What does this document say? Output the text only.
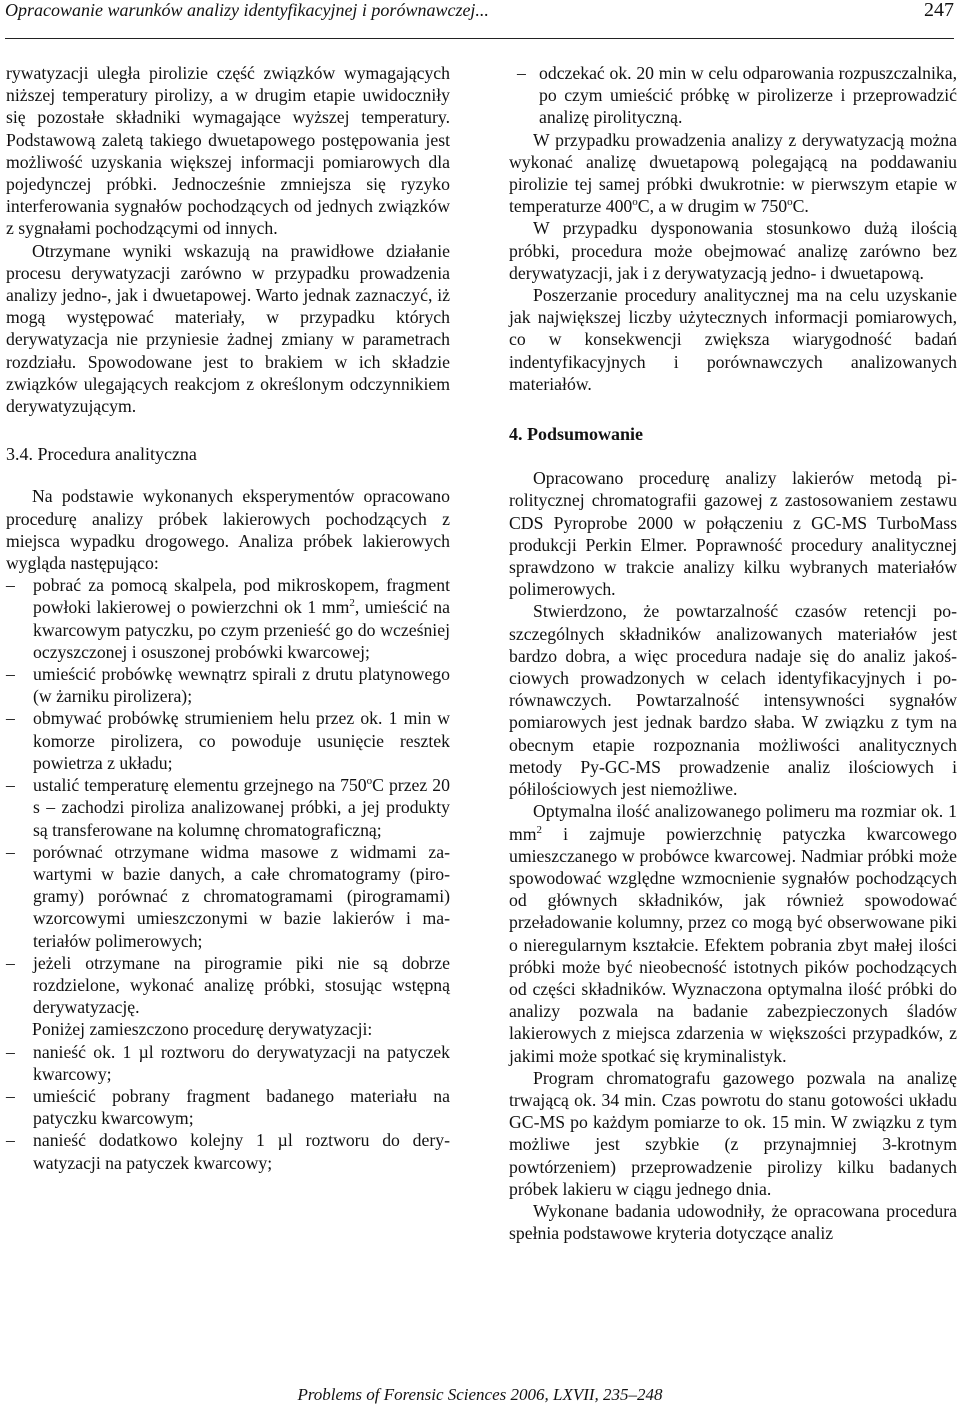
Opracowanie warunków analizy identyfikacyjnej i porównawczej...	247

rywatyzacji uległa pirolizie część związków wymagających niższej temperatury pirolizy, a w drugim etapie uwidoczniły się pozostałe składniki wymagające wyższej temperatury. Podstawową zaletą takiego dwuetapowego postępowania jest możliwość uzyskania większej informacji pomiarowych dla pojedynczej próbki. Jednocześnie zmniejsza się ryzyko interferowania sygnałów pochodzących od jednych związków z sygnałami pochodzącymi od innych.

Otrzymane wyniki wskazują na prawidłowe działanie procesu derywatyzacji zarówno w przypadku prowadzenia analizy jedno-, jak i dwuetapowej. Warto jednak zaznaczyć, iż mogą występować materiały, w przypadku których derywatyzacja nie przyniesie żadnej zmiany w parametrach rozdziału. Spowodowane jest to brakiem w ich składzie związków ulegających reakcjom z określonym odczynnikiem derywatyzującym.

3.4. Procedura analityczna

Na podstawie wykonanych eksperymentów opracowano procedurę analizy próbek lakierowych pochodzących z miejsca wypadku drogowego. Analiza próbek lakierowych wygląda następująco:

– pobrać za pomocą skalpela, pod mikroskopem, fragment powłoki lakierowej o powierzchni ok 1 $mm^2$, umieścić na kwarcowym patyczku, po czym przenieść go do wcześniej oczyszczonej i osuszonej probówki kwarcowej;
– umieścić probówkę wewnątrz spirali z drutu platynowego (w żarniku pirolizera);
– obmywać probówkę strumieniem helu przez ok. 1 min w komorze pirolizera, co powoduje usunięcie resztek powietrza z układu;
– ustalić temperaturę elementu grzejnego na 750$^o$C przez 20 s – zachodzi piroliza analizowanej próbki, a jej produkty są transferowane na kolumnę chromatograficzną;
– porównać otrzymane widma masowe z widmami zawartymi w bazie danych, a całe chromatogramy (pirogramy) porównać z chromatogramami (pirogramami) wzorcowymi umieszczonymi w bazie lakierów i materiałów polimerowych;
– jeżeli otrzymane na pirogramie piki nie są dobrze rozdzielone, wykonać analizę próbki, stosując wstępną derywatyzację.

Poniżej zamieszczono procedurę derywatyzacji:

– nanieść ok. 1 µl roztworu do derywatyzacji na patyczek kwarcowy;
– umieścić pobrany fragment badanego materiału na patyczku kwarcowym;
– nanieść dodatkowo kolejny 1 µl roztworu do derywatyzacji na patyczek kwarcowy;
– odczekać ok. 20 min w celu odparowania rozpuszczalnika, po czym umieścić próbkę w pirolizerze i przeprowadzić analizę pirolityczną.

W przypadku prowadzenia analizy z derywatyzacją można wykonać analizę dwuetapową polegającą na poddawaniu pirolizie tej samej próbki dwukrotnie: w pierwszym etapie w temperaturze 400$^o$C, a w drugim w 750$^o$C.

W przypadku dysponowania stosunkowo dużą ilością próbki, procedura może obejmować analizę zarówno bez derywatyzacji, jak i z derywatyzacją jedno- i dwuetapową.

Poszerzanie procedury analitycznej ma na celu uzyskanie jak największej liczby użytecznych informacji pomiarowych, co w konsekwencji zwiększa wiarygodność badań indentyfikacyjnych i porównawczych analizowanych materiałów.

4. Podsumowanie

Opracowano procedurę analizy lakierów metodą pirolitycznej chromatografii gazowej z zastosowaniem zestawu CDS Pyroprobe 2000 w połączeniu z GC-MS TurboMass produkcji Perkin Elmer. Poprawność procedury analitycznej sprawdzono w trakcie analizy kilku wybranych materiałów polimerowych.

Stwierdzono, że powtarzalność czasów retencji poszczególnych składników analizowanych materiałów jest bardzo dobra, a więc procedura nadaje się do analiz jakościowych prowadzonych w celach identyfikacyjnych i porównawczych. Powtarzalność intensywności sygnałów pomiarowych jest jednak bardzo słaba. W związku z tym na obecnym etapie rozpoznania możliwości analitycznych metody Py-GC-MS prowadzenie analiz ilościowych i półilościowych jest niemożliwe.

Optymalna ilość analizowanego polimeru ma rozmiar ok. 1 $mm^2$ i zajmuje powierzchnię patyczka kwarcowego umieszczanego w probówce kwarcowej. Nadmiar próbki może spowodować względne wzmocnienie sygnałów pochodzących od głównych składników, jak również spowodować przeładowanie kolumny, przez co mogą być obserwowane piki o nieregularnym kształcie. Efektem pobrania zbyt małej ilości próbki może być nieobecność istotnych pików pochodzących od części składników. Wyznaczona optymalna ilość próbki do analizy pozwala na badanie zabezpieczonych śladów lakierowych z miejsca zdarzenia w większości przypadków, z jakimi może spotkać się kryminalistyk.

Program chromatografu gazowego pozwala na analizę trwającą ok. 34 min. Czas powrotu do stanu gotowości układu GC-MS po każdym pomiarze to ok. 15 min. W związku z tym możliwe jest szybkie (z przynajmniej 3-krotnym powtórzeniem) przeprowadzenie pirolizy kilku badanych próbek lakieru w ciągu jednego dnia.

Wykonane badania udowodniły, że opracowana procedura spełnia podstawowe kryteria dotyczące analiz

Problems of Forensic Sciences 2006, LXVII, 235–248
